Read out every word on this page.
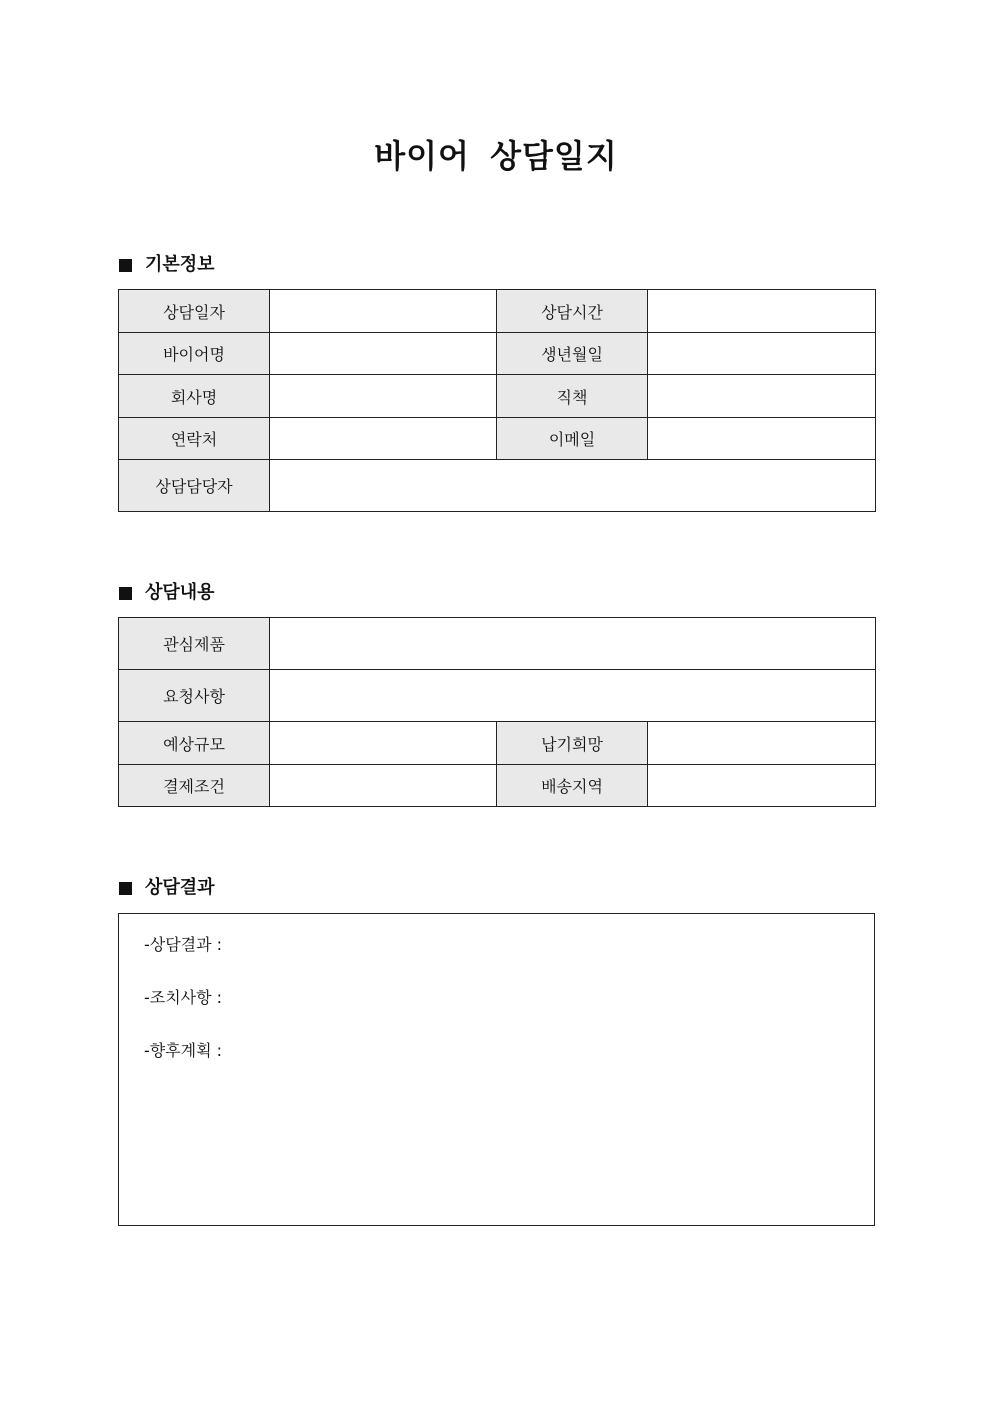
바이어 상담일지
기본정보
상담일자		상담시간	
바이어명		생년월일	
회사명		직책	
연락처		이메일	
상담담당자			
상담내용
관심제품			
요청사항			
예상규모		납기희망	
결제조건		배송지역	
상담결과
-상담결과 :
-조치사항 :
-향후계획 :
